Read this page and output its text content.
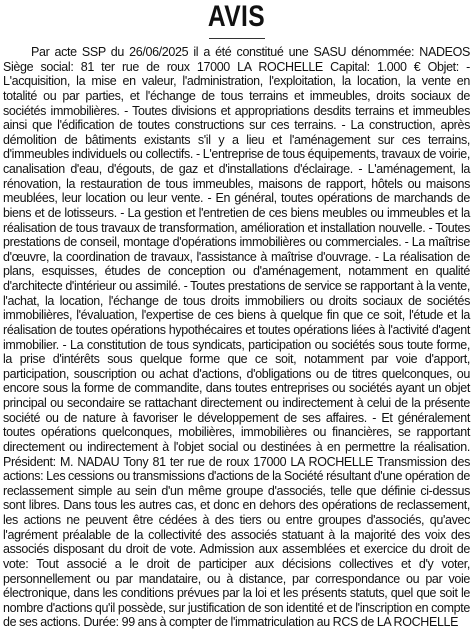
AVIS

Par acte SSP du 26/06/2025 il a été constitué une SASU dénommée: NADEOS Siège social: 81 ter rue de roux 17000 LA ROCHELLE Capital: 1.000 € Objet: - L'acquisition, la mise en valeur, l'administration, l'exploitation, la location, la vente en totalité ou par parties, et l'échange de tous terrains et immeubles, droits sociaux de sociétés immobilières. - Toutes divisions et appropriations desdits terrains et immeubles ainsi que l'édification de toutes constructions sur ces terrains. - La construction, après démolition de bâtiments existants s'il y a lieu et l'aménagement sur ces terrains, d'immeubles individuels ou collectifs. - L'entreprise de tous équipements, travaux de voirie, canalisation d'eau, d'égouts, de gaz et d'installations d'éclairage. - L'aménagement, la rénovation, la restauration de tous immeubles, maisons de rapport, hôtels ou maisons meublées, leur location ou leur vente. - En général, toutes opérations de marchands de biens et de lotisseurs. - La gestion et l'entretien de ces biens meubles ou immeubles et la réalisation de tous travaux de transformation, amélioration et installation nouvelle. - Toutes prestations de conseil, montage d'opérations immobilières ou commerciales. - La maîtrise d'œuvre, la coordination de travaux, l'assistance à maîtrise d'ouvrage. - La réalisation de plans, esquisses, études de conception ou d'aménagement, notamment en qualité d'architecte d'intérieur ou assimilé. - Toutes prestations de service se rapportant à la vente, l'achat, la location, l'échange de tous droits immobiliers ou droits sociaux de sociétés immobilières, l'évaluation, l'expertise de ces biens à quelque fin que ce soit, l'étude et la réalisation de toutes opérations hypothécaires et toutes opérations liées à l'activité d'agent immobilier. - La constitution de tous syndicats, participation ou sociétés sous toute forme, la prise d'intérêts sous quelque forme que ce soit, notamment par voie d'apport, participation, souscription ou achat d'actions, d'obligations ou de titres quelconques, ou encore sous la forme de commandite, dans toutes entreprises ou sociétés ayant un objet principal ou secondaire se rattachant directement ou indirectement à celui de la présente société ou de nature à favoriser le développement de ses affaires. - Et généralement toutes opérations quelconques, mobilières, immobilières ou financières, se rapportant directement ou indirectement à l'objet social ou destinées à en permettre la réalisation. Président: M. NADAU Tony 81 ter rue de roux 17000 LA ROCHELLE Transmission des actions: Les cessions ou transmissions d'actions de la Société résultant d'une opération de reclassement simple au sein d'un même groupe d'associés, telle que définie ci-dessus sont libres. Dans tous les autres cas, et donc en dehors des opérations de reclassement, les actions ne peuvent être cédées à des tiers ou entre groupes d'associés, qu'avec l'agrément préalable de la collectivité des associés statuant à la majorité des voix des associés disposant du droit de vote. Admission aux assemblées et exercice du droit de vote: Tout associé a le droit de participer aux décisions collectives et d'y voter, personnellement ou par mandataire, ou à distance, par correspondance ou par voie électronique, dans les conditions prévues par la loi et les présents statuts, quel que soit le nombre d'actions qu'il possède, sur justification de son identité et de l'inscription en compte de ses actions. Durée: 99 ans à compter de l'immatriculation au RCS de LA ROCHELLE
